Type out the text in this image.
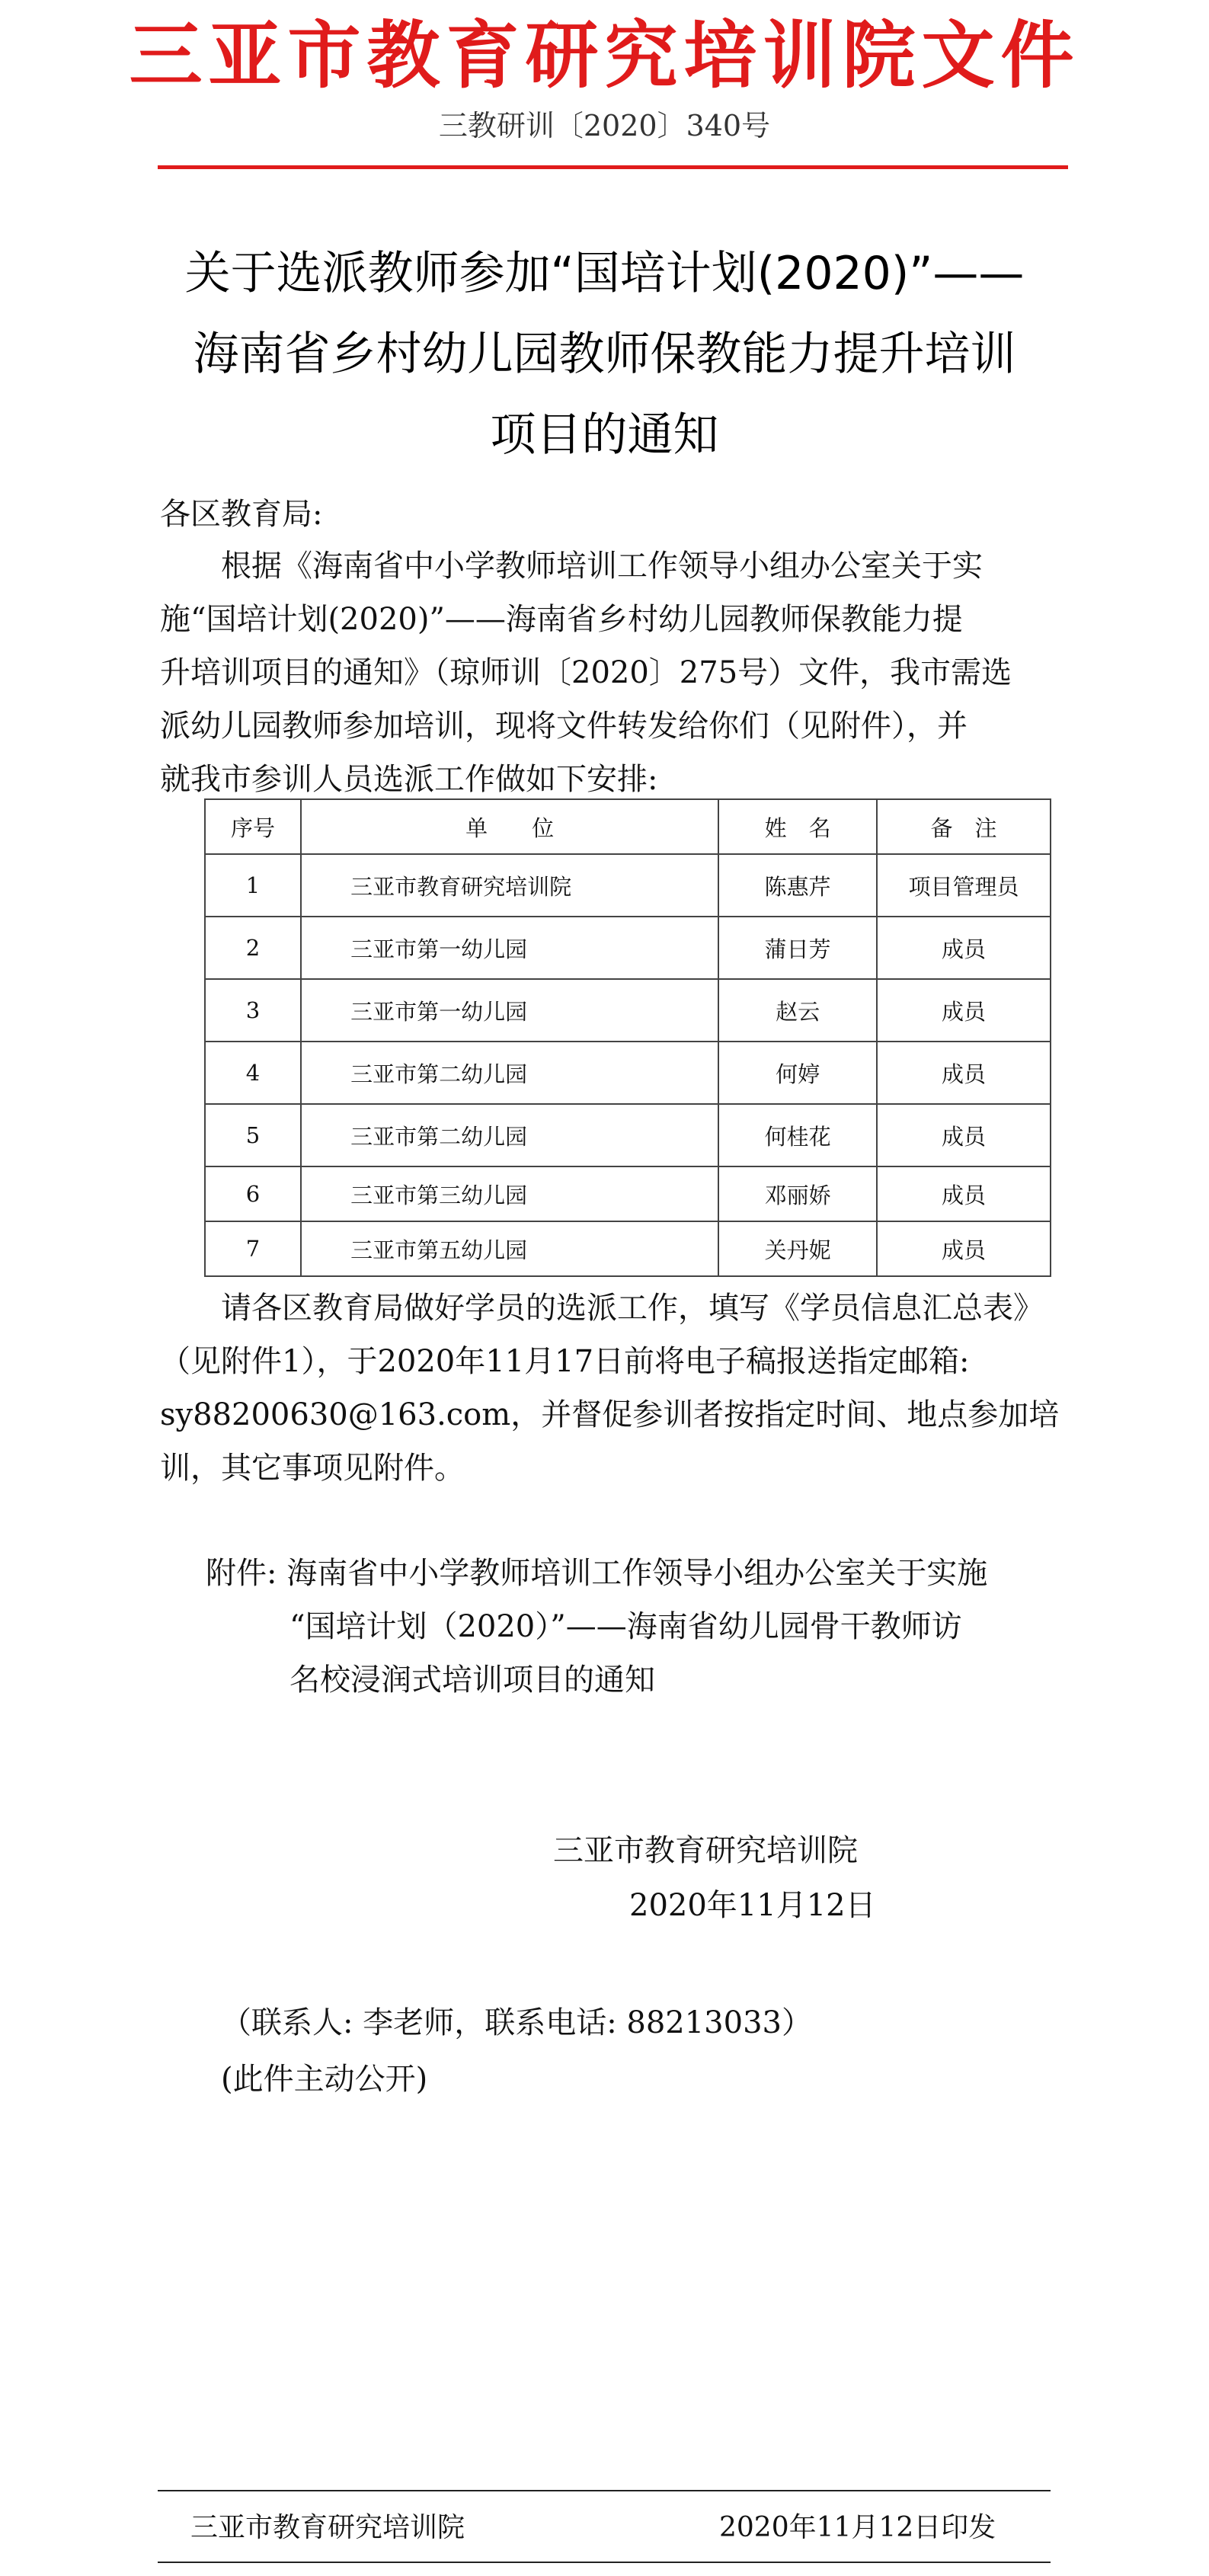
三亚市教育研究培训院文件
三教研训〔2020〕340号
关于选派教师参加“国培计划(2020)”——
海南省乡村幼儿园教师保教能力提升培训
项目的通知
各区教育局:
根据《海南省中小学教师培训工作领导小组办公室关于实
施“国培计划(2020)”——海南省乡村幼儿园教师保教能力提
升培训项目的通知》（琼师训〔2020〕275号）文件，我市需选
派幼儿园教师参加培训，现将文件转发给你们（见附件），并
就我市参训人员选派工作做如下安排:
序号	单　　位	姓　名	备　注
1	三亚市教育研究培训院	陈惠芹	项目管理员
2	三亚市第一幼儿园	蒲日芳	成员
3	三亚市第一幼儿园	赵云	成员
4	三亚市第二幼儿园	何婷	成员
5	三亚市第二幼儿园	何桂花	成员
6	三亚市第三幼儿园	邓丽娇	成员
7	三亚市第五幼儿园	关丹妮	成员
请各区教育局做好学员的选派工作，填写《学员信息汇总表》
（见附件1），于2020年11月17日前将电子稿报送指定邮箱:
sy88200630@163.com，并督促参训者按指定时间、地点参加培
训，其它事项见附件。
附件: 海南省中小学教师培训工作领导小组办公室关于实施
“国培计划（2020）”——海南省幼儿园骨干教师访
名校浸润式培训项目的通知
三亚市教育研究培训院
2020年11月12日
（联系人: 李老师，联系电话: 88213033）
(此件主动公开)
三亚市教育研究培训院	2020年11月12日印发
